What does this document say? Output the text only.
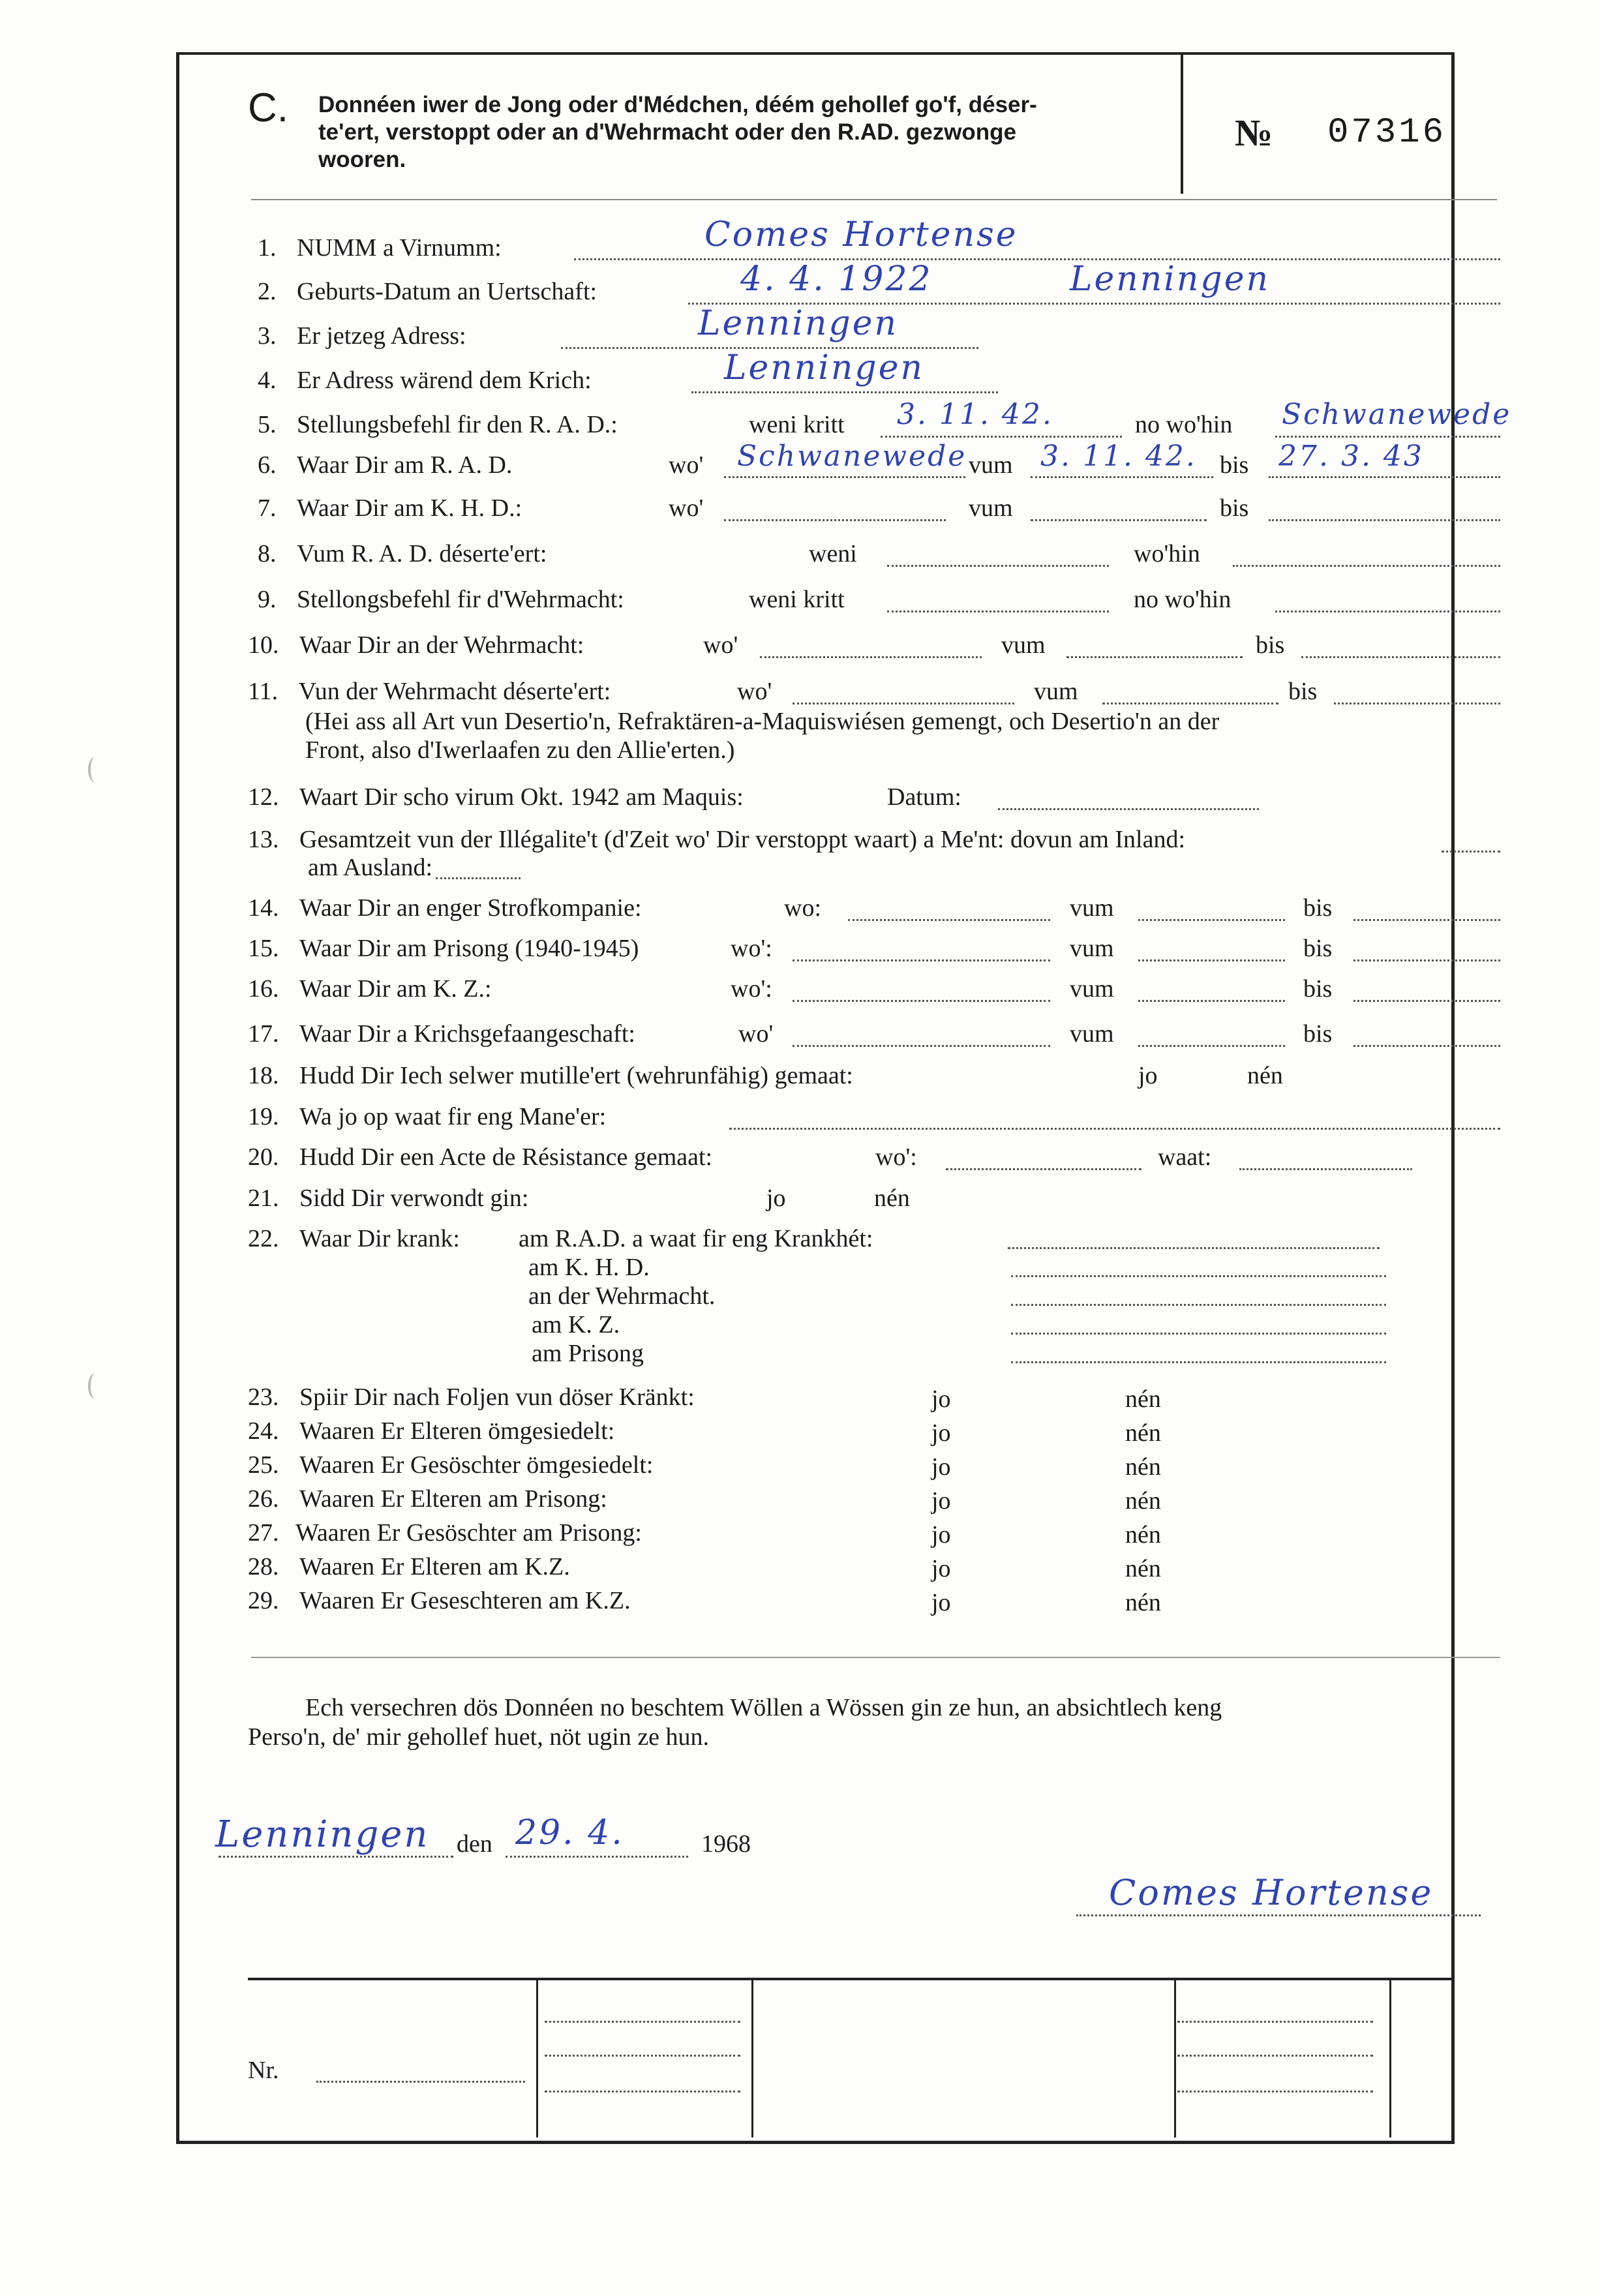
C. Donnéen iwer de Jong oder d'Médchen, déém gehollef go'f, déser-
te'ert, verstoppt oder an d'Wehrmacht oder den R.AD. gezwonge
wooren.
№ 07316
1. NUMM a Virnumm:	Comes Hortense
2. Geburts-Datum an Uertschaft:	4. 4. 1922	Lenningen
3. Er jetzeg Adress:	Lenningen
4. Er Adress wärend dem Krich:	Lenningen
5. Stellungsbefehl fir den R. A. D.:	weni kritt 3. 11. 42.	no wo'hin Schwanewede
6. Waar Dir am R. A. D.	wo' Schwanewede vum 3. 11. 42. bis 27. 3. 43
7. Waar Dir am K. H. D.:	wo'	vum	bis
8. Vum R. A. D. déserte'ert:	weni	wo'hin
9. Stellongsbefehl fir d'Wehrmacht:	weni kritt	no wo'hin
10. Waar Dir an der Wehrmacht:	wo'	vum	bis
11. Vun der Wehrmacht déserte'ert:	wo'	vum	bis
(Hei ass all Art vun Desertio'n, Refraktären-a-Maquiswiésen gemengt, och Desertio'n an der
Front, also d'Iwerlaafen zu den Allie'erten.)
12. Waart Dir scho virum Okt. 1942 am Maquis:	Datum:
13. Gesamtzeit vun der Illégalite't (d'Zeit wo' Dir verstoppt waart) a Me'nt: dovun am Inland:
am Ausland:
14. Waar Dir an enger Strofkompanie:	wo:	vum	bis
15. Waar Dir am Prisong (1940-1945)	wo':	vum	bis
16. Waar Dir am K. Z.:	wo':	vum	bis
17. Waar Dir a Krichsgefaangeschaft:	wo'	vum	bis
18. Hudd Dir Iech selwer mutille'ert (wehrunfähig) gemaat:	jo	nén
19. Wa jo op waat fir eng Mane'er:
20. Hudd Dir een Acte de Résistance gemaat:	wo':	waat:
21. Sidd Dir verwondt gin:	jo	nén
22. Waar Dir krank: am R.A.D. a waat fir eng Krankhét:
am K. H. D.
an der Wehrmacht.
am K. Z.
am Prisong
23. Spiir Dir nach Foljen vun döser Kränkt:	jo	nén
24. Waaren Er Elteren ömgesiedelt:	jo	nén
25. Waaren Er Gesöschter ömgesiedelt:	jo	nén
26. Waaren Er Elteren am Prisong:	jo	nén
27. Waaren Er Gesöschter am Prisong:	jo	nén
28. Waaren Er Elteren am K.Z.	jo	nén
29. Waaren Er Geseschteren am K.Z.	jo	nén
Ech versechren dös Donnéen no beschtem Wöllen a Wössen gin ze hun, an absichtlech keng
Perso'n, de' mir gehollef huet, nöt ugin ze hun.
Lenningen den 29. 4.	1968
Comes Hortense
Nr.
